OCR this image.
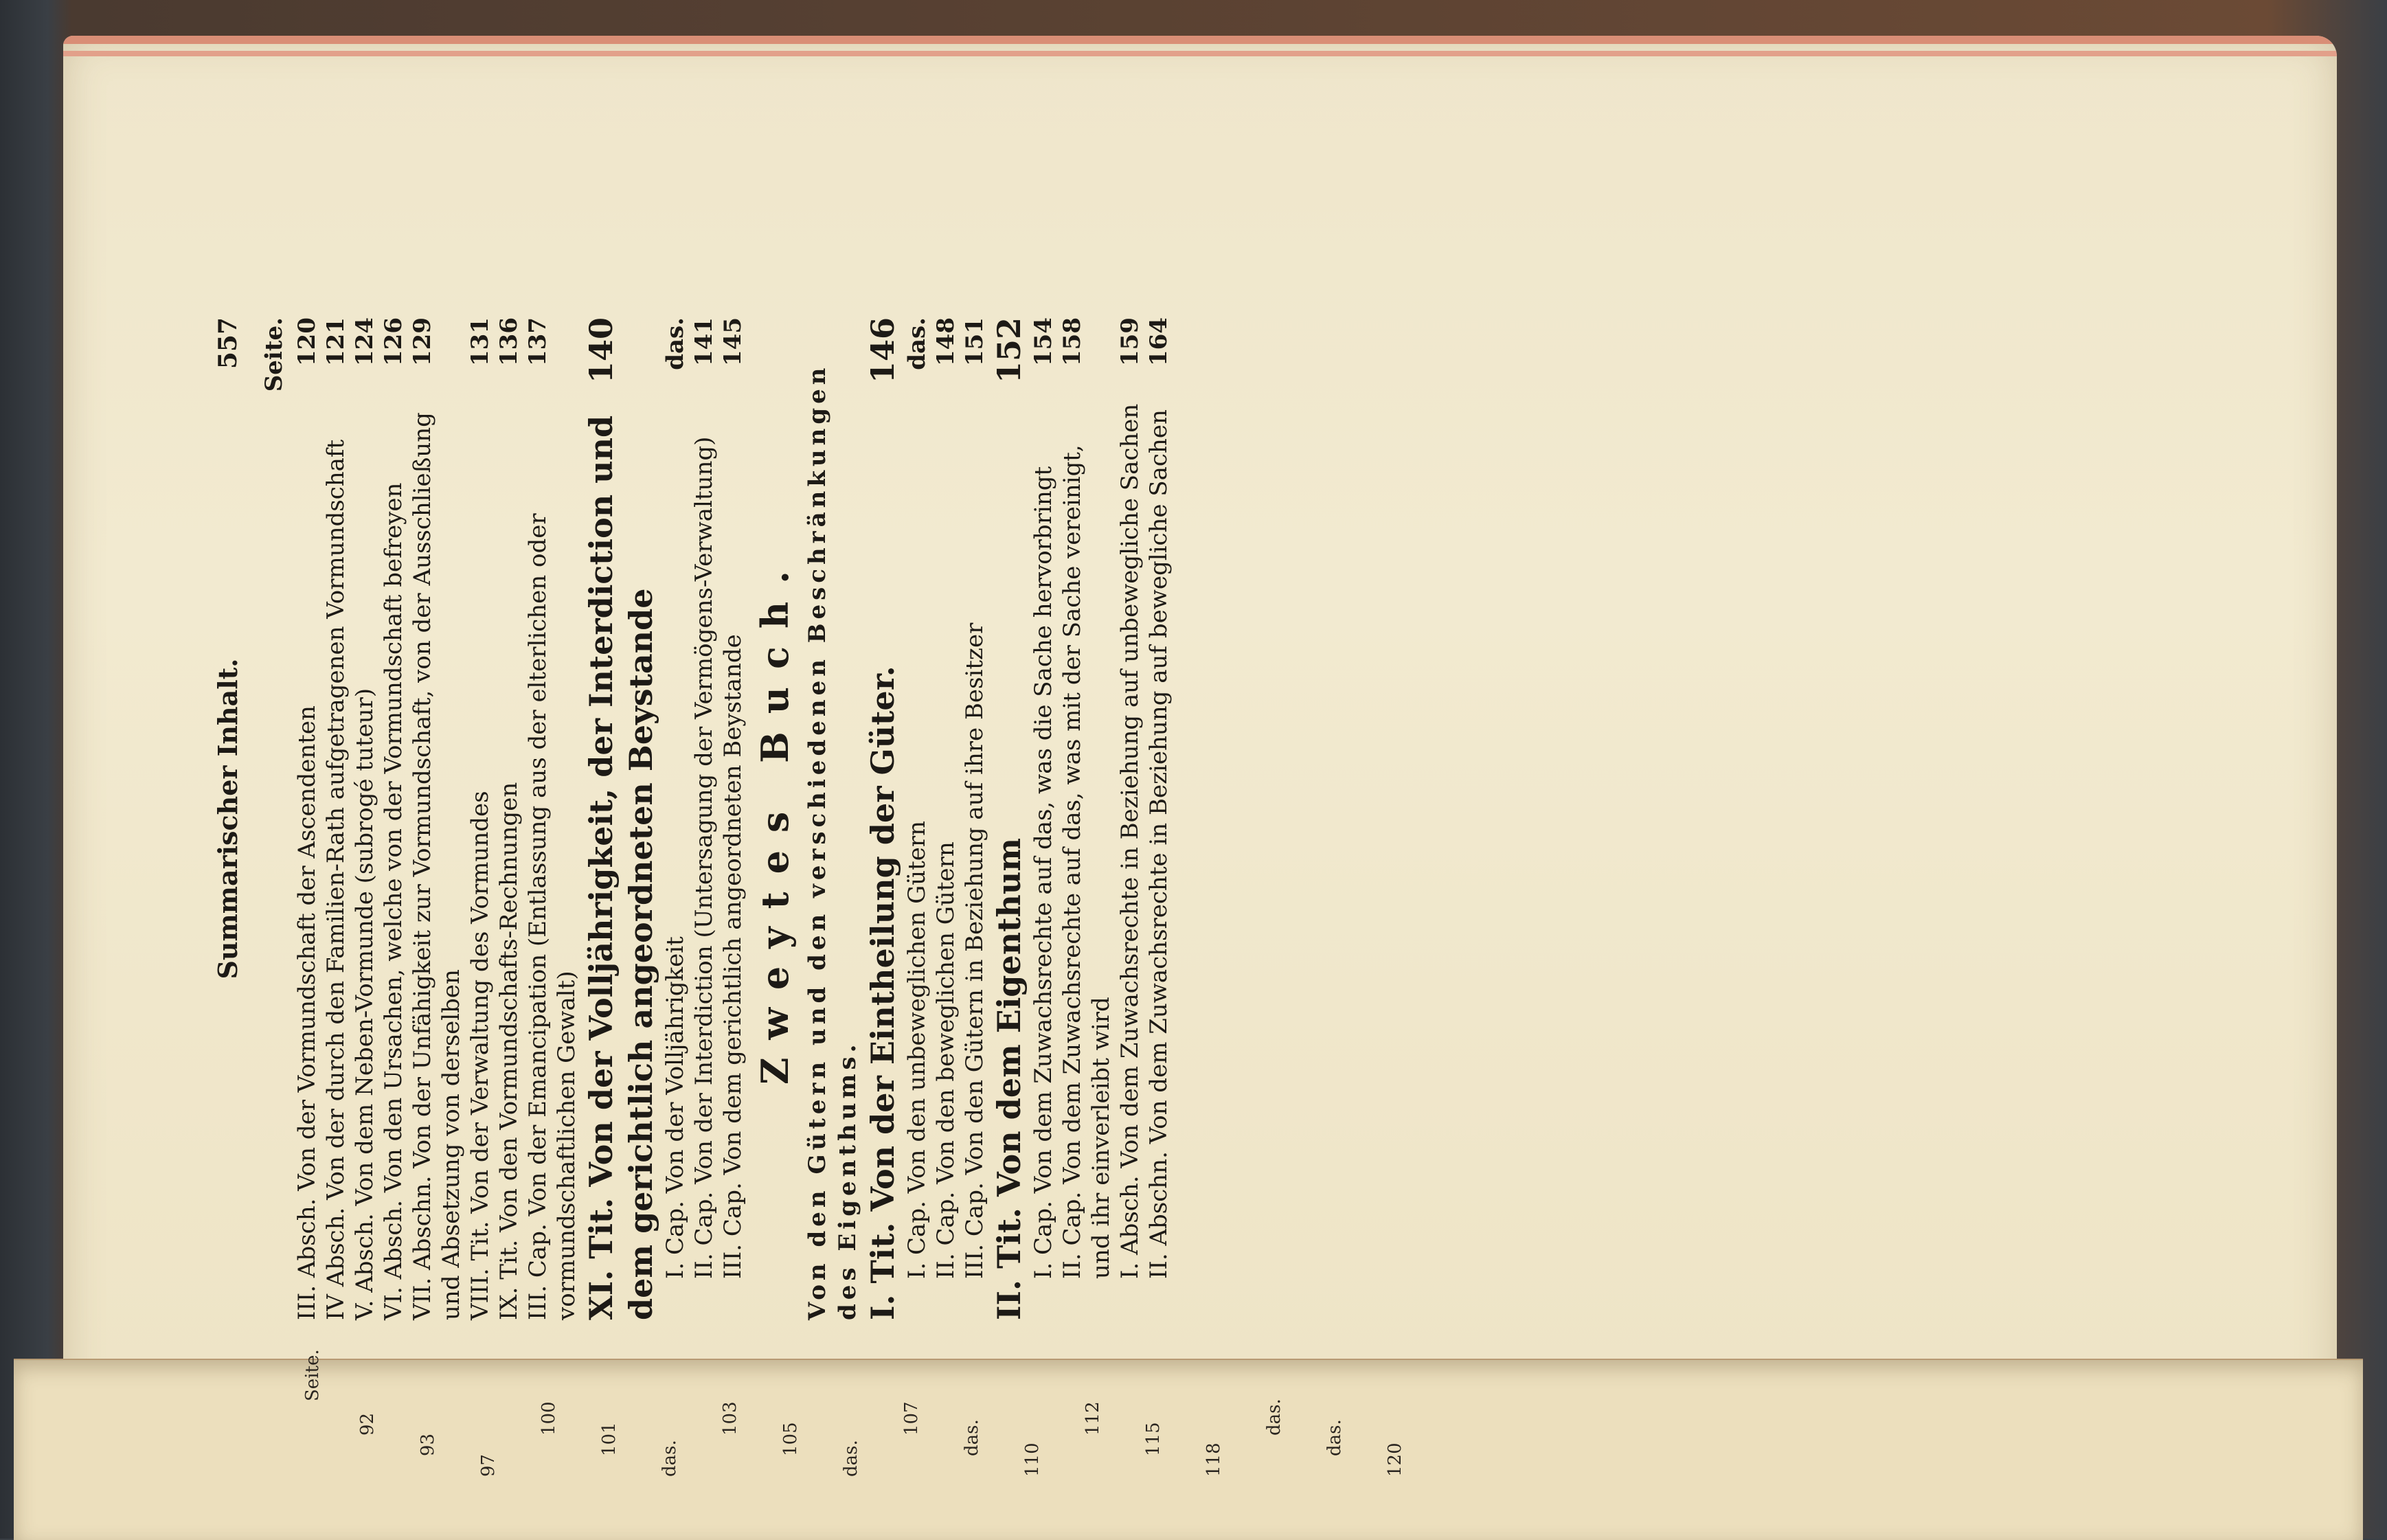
Summarischer Inhalt.
557 Seite.
III. Absch. Von der Vormundschaft der Ascendenten
120
IV Absch. Von der durch den Familien-Rath aufgetragenen Vormundschaft
121
V. Absch. Von dem Neben-Vormunde (subrogé tuteur)
124
VI. Absch. Von den Ursachen, welche von der Vormundschaft befreyen
126
VII. Abschn. Von der Unfähigkeit zur Vormundschaft, von der Ausschließung und Absetzung von derselben
129
VIII. Tit. Von der Verwaltung des Vormundes
131
IX. Tit. Von den Vormundschafts-Rechnungen
136
III. Cap. Von der Emancipation (Entlassung aus der elterlichen oder vormundschaftlichen Gewalt)
137
XI. Tit. Von der Volljährigkeit, der Interdiction und dem gerichtlich angeordneten Beystande
140
I. Cap. Von der Volljährigkeit
das.
II. Cap. Von der Interdiction (Untersagung der Vermögens-Verwaltung)
141
III. Cap. Von dem gerichtlich angeordneten Beystande
145
Zweytes Buch. Von den Gütern und den verschiedenen Beschränkungen des Eigenthums. I. Tit. Von der Eintheilung der Güter.
146
I. Cap. Von den unbeweglichen Gütern
das.
II. Cap. Von den beweglichen Gütern
148
III. Cap. Von den Gütern in Beziehung auf ihre Besitzer
151
II. Tit. Von dem Eigenthum
152
I. Cap. Von dem Zuwachsrechte auf das, was die Sache hervorbringt
154
II. Cap. Von dem Zuwachsrechte auf das, was mit der Sache vereinigt, und ihr einverleibt wird
158
I. Absch. Von dem Zuwachsrechte in Beziehung auf unbewegliche Sachen
159
II. Abschn. Von dem Zuwachsrechte in Beziehung auf bewegliche Sachen
164
Seite.
92
93
97
100
101
das.
103
105
das.
107
das.
110
112
115
118
das.
das.
120
